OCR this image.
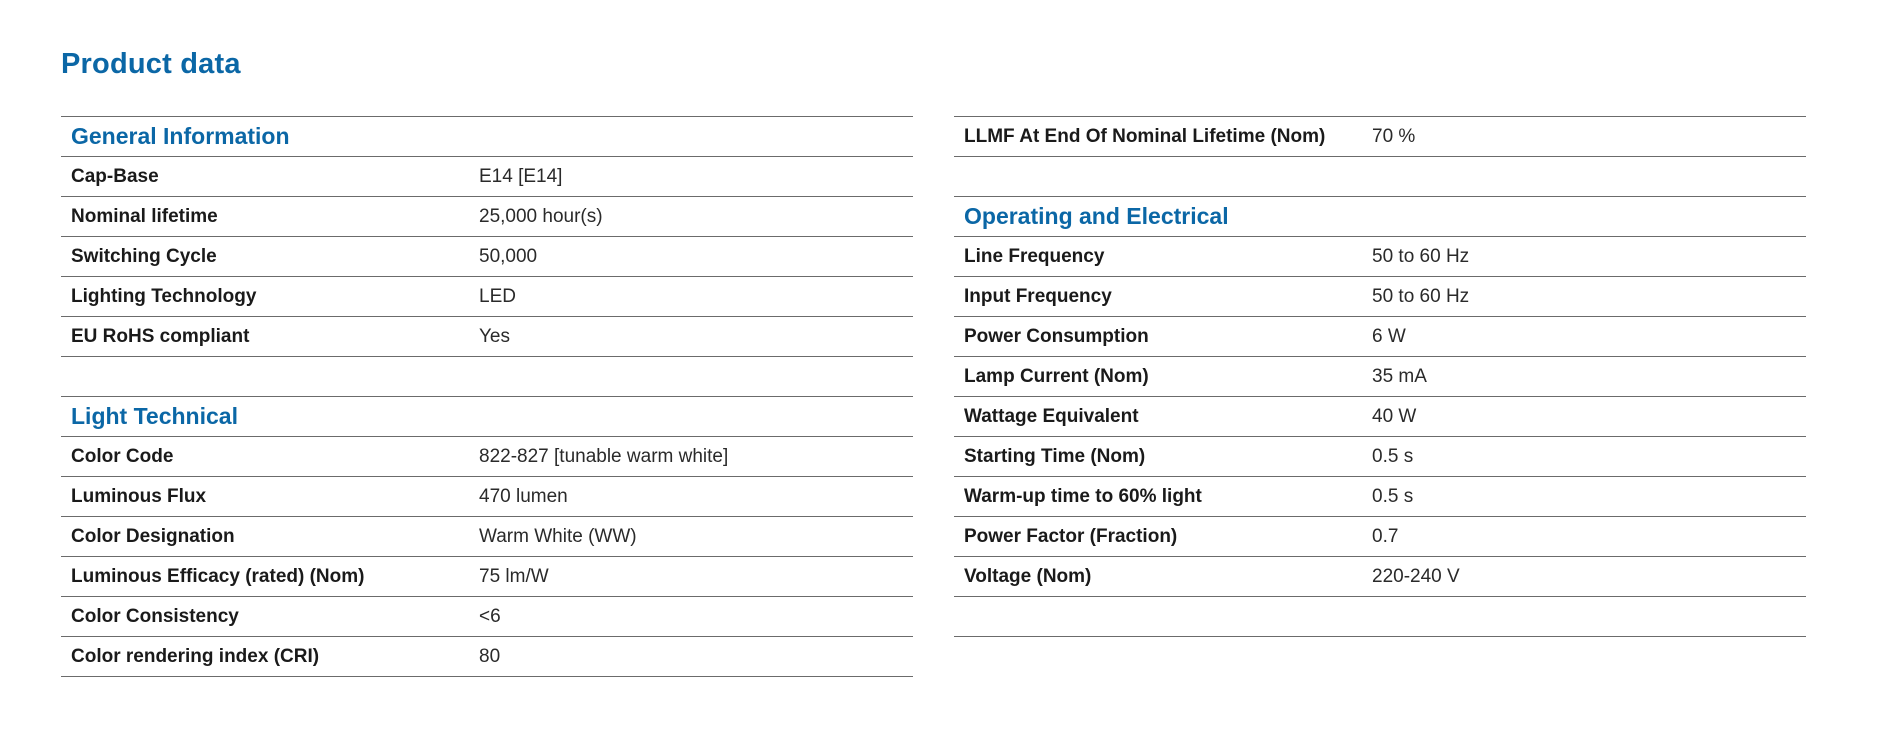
Product data
General Information
Cap-Base	E14 [E14]
Nominal lifetime	25,000 hour(s)
Switching Cycle	50,000
Lighting Technology	LED
EU RoHS compliant	Yes
Light Technical
Color Code	822-827 [tunable warm white]
Luminous Flux	470 lumen
Color Designation	Warm White (WW)
Luminous Efficacy (rated) (Nom)	75 lm/W
Color Consistency	<6
Color rendering index (CRI)	80
LLMF At End Of Nominal Lifetime (Nom)	70 %
Operating and Electrical
Line Frequency	50 to 60 Hz
Input Frequency	50 to 60 Hz
Power Consumption	6 W
Lamp Current (Nom)	35 mA
Wattage Equivalent	40 W
Starting Time (Nom)	0.5 s
Warm-up time to 60% light	0.5 s
Power Factor (Fraction)	0.7
Voltage (Nom)	220-240 V
